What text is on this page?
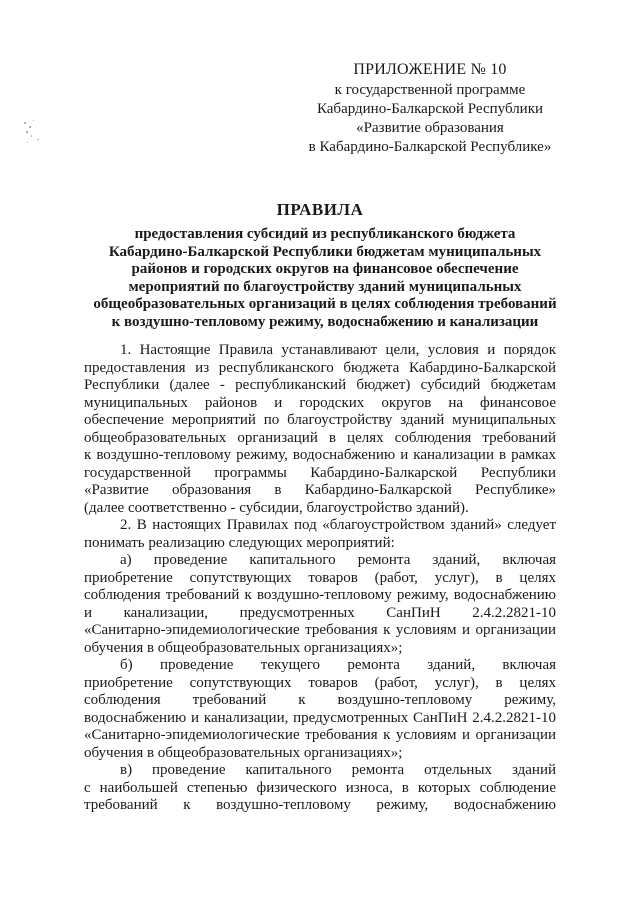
ПРИЛОЖЕНИЕ № 10
к государственной программе
Кабардино-Балкарской Республики
«Развитие образования
в Кабардино-Балкарской Республике»
ПРАВИЛА
предоставления субсидий из республиканского бюджета
Кабардино-Балкарской Республики бюджетам муниципальных
районов и городских округов на финансовое обеспечение
мероприятий по благоустройству зданий муниципальных
общеобразовательных организаций в целях соблюдения требований
к воздушно-тепловому режиму, водоснабжению и канализации
1. Настоящие Правила устанавливают цели, условия и порядок
предоставления из республиканского бюджета Кабардино-Балкарской
Республики (далее - республиканский бюджет) субсидий бюджетам
муниципальных районов и городских округов на финансовое
обеспечение мероприятий по благоустройству зданий муниципальных
общеобразовательных организаций в целях соблюдения требований
к воздушно-тепловому режиму, водоснабжению и канализации в рамках
государственной программы Кабардино-Балкарской Республики
«Развитие образования в Кабардино-Балкарской Республике»
(далее соответственно - субсидии, благоустройство зданий).
2. В настоящих Правилах под «благоустройством зданий» следует
понимать реализацию следующих мероприятий:
а) проведение капитального ремонта зданий, включая
приобретение сопутствующих товаров (работ, услуг), в целях
соблюдения требований к воздушно-тепловому режиму, водоснабжению
и канализации, предусмотренных СанПиН 2.4.2.2821-10
«Санитарно-эпидемиологические требования к условиям и организации
обучения в общеобразовательных организациях»;
б) проведение текущего ремонта зданий, включая
приобретение сопутствующих товаров (работ, услуг), в целях
соблюдения требований к воздушно-тепловому режиму,
водоснабжению и канализации, предусмотренных СанПиН 2.4.2.2821-10
«Санитарно-эпидемиологические требования к условиям и организации
обучения в общеобразовательных организациях»;
в) проведение капитального ремонта отдельных зданий
с наибольшей степенью физического износа, в которых соблюдение
требований к воздушно-тепловому режиму, водоснабжению
